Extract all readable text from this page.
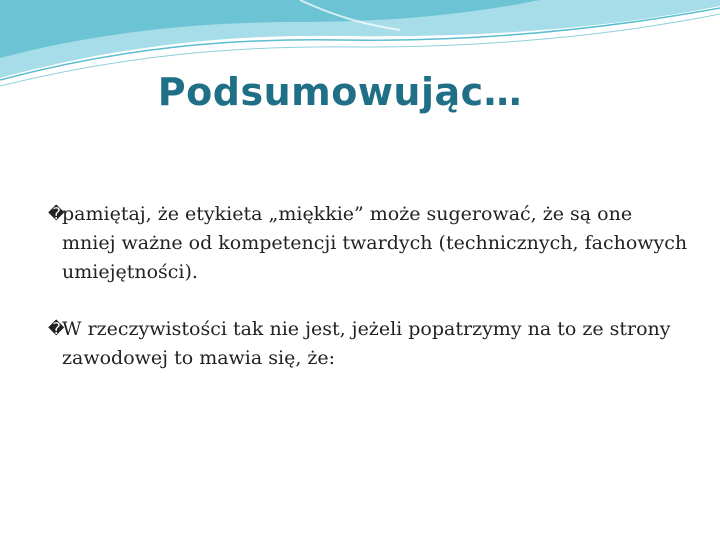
Podsumowując…
�
pamiętaj, że etykieta „miękkie” może sugerować, że są one mniej ważne od kompetencji twardych (technicznych, fachowych umiejętności).
�
W rzeczywistości tak nie jest, jeżeli popatrzymy na to ze strony zawodowej to mawia się, że:
